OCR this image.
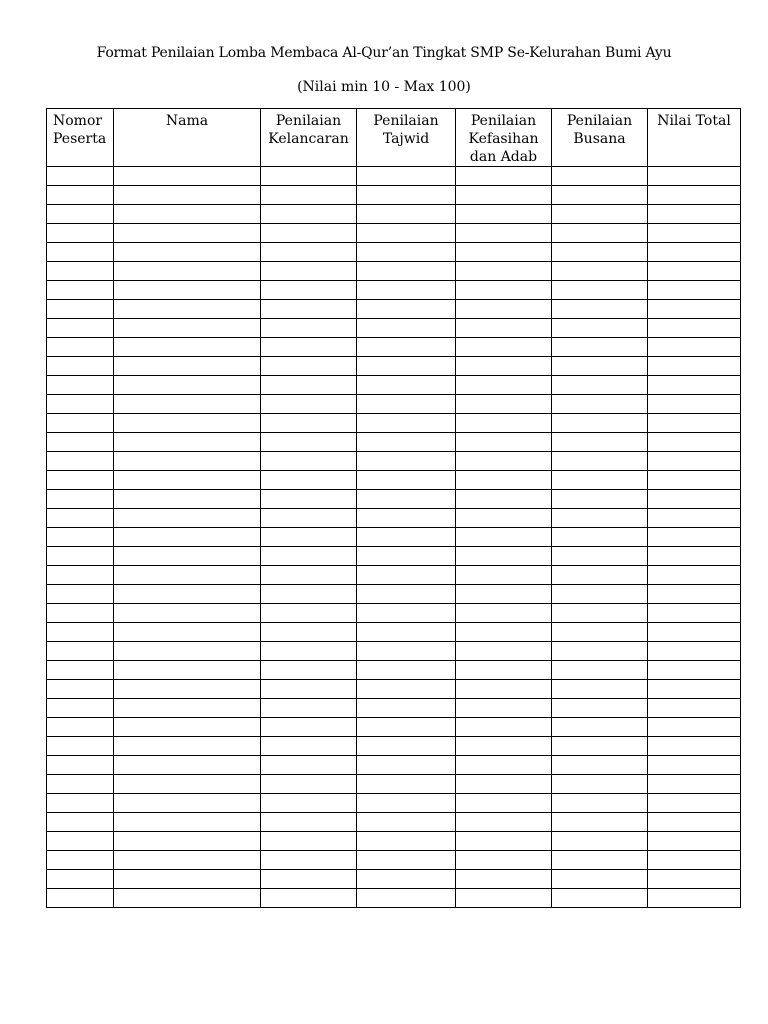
Format Penilaian Lomba Membaca Al-Qur’an Tingkat SMP Se-Kelurahan Bumi Ayu
(Nilai min 10 - Max 100)
Nomor Peserta	Nama	Penilaian Kelancaran	Penilaian Tajwid	Penilaian Kefasihan dan Adab	Penilaian Busana	Nilai Total
